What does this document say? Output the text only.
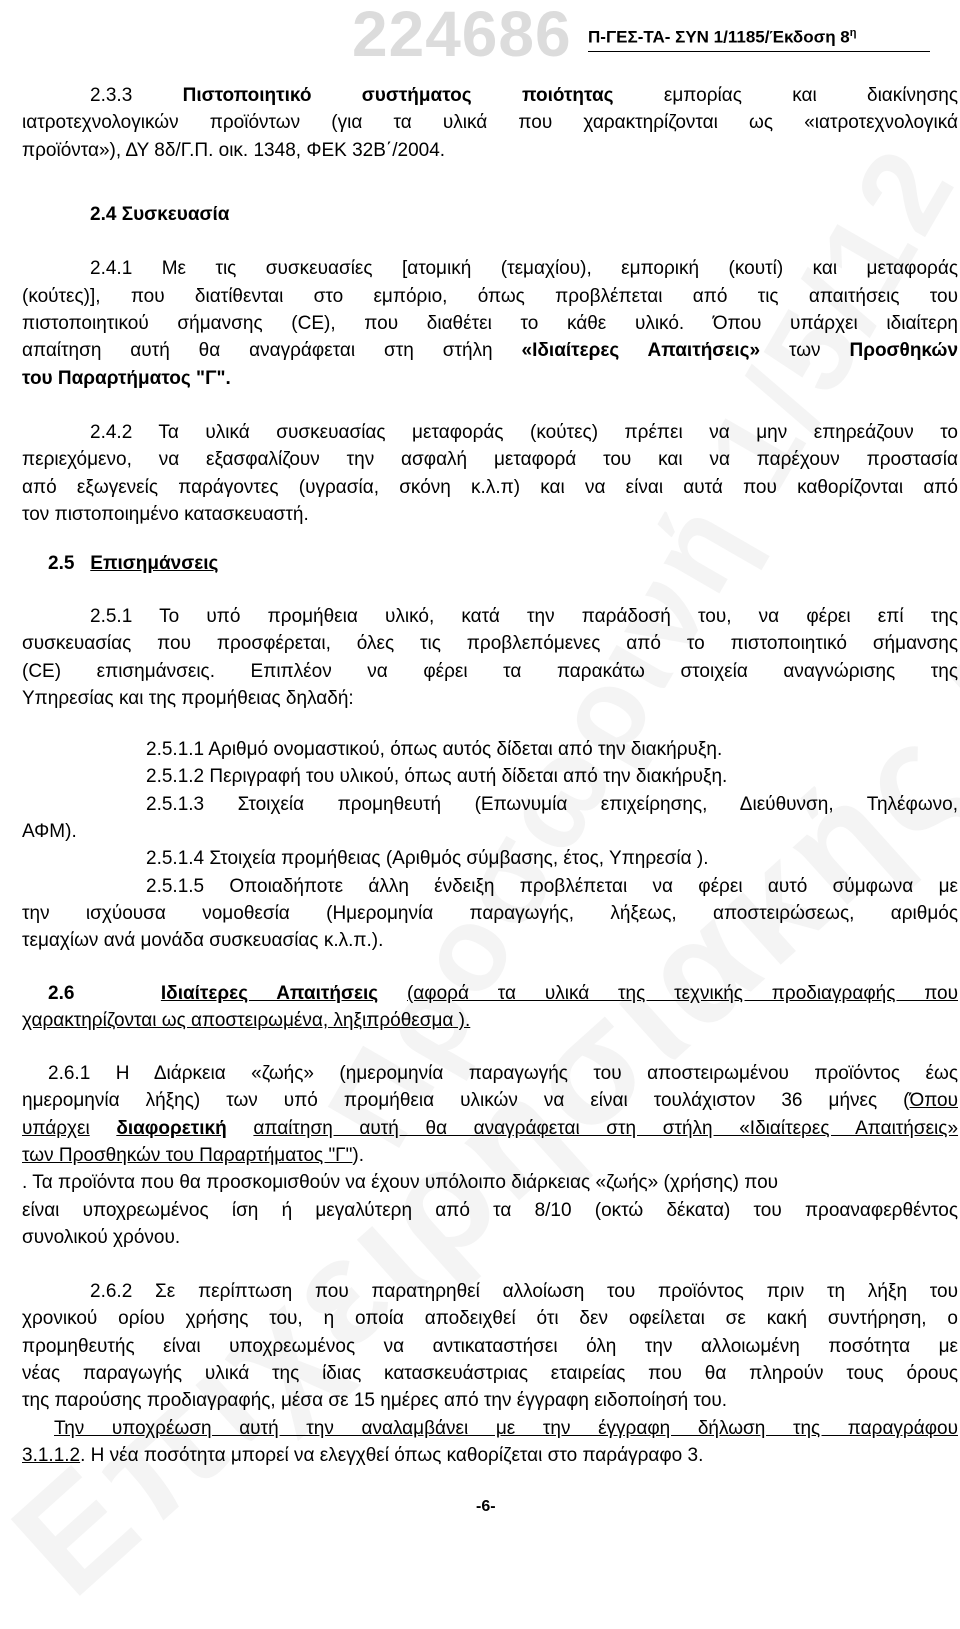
224686 Π-ΓΕΣ-ΤΑ- ΣΥΝ 1/1185/Έκδοση $8^\eta$
2.3.3	Πιστοποιητικό συστήματος ποιότητας	εμπορίας και διακίνησης
ιατροτεχνολογικών προϊόντων (για τα υλικά που χαρακτηρίζονται ως «ιατροτεχνολογικά
προϊόντα»), ΔΥ 8δ/Γ.Π. οικ. 1348, ΦΕΚ 32Β΄/2004.
2.4 Συσκευασία
2.4.1 Με τις συσκευασίες [ατομική (τεμαχίου), εμπορική (κουτί) και μεταφοράς
(κούτες)], που διατίθενται στο εμπόριο, όπως προβλέπεται από τις απαιτήσεις του
πιστοποιητικού σήμανσης (CE), που διαθέτει το κάθε υλικό. Όπου υπάρχει ιδιαίτερη
απαίτηση αυτή θα αναγράφεται στη στήλη «Ιδιαίτερες Απαιτήσεις» των Προσθηκών
του Παραρτήματος "Γ".
2.4.2 Τα υλικά συσκευασίας μεταφοράς (κούτες) πρέπει να μην επηρεάζουν το
περιεχόμενο, να εξασφαλίζουν την ασφαλή μεταφορά του και να παρέχουν προστασία
από εξωγενείς παράγοντες (υγρασία, σκόνη κ.λ.π) και να είναι αυτά που καθορίζονται από
τον πιστοποιημένο κατασκευαστή.
2.5 Επισημάνσεις
2.5.1 Το υπό προμήθεια υλικό, κατά την παράδοσή του, να φέρει επί της
συσκευασίας που προσφέρεται, όλες τις προβλεπόμενες από το πιστοποιητικό σήμανσης
(CE) επισημάνσεις. Επιπλέον να φέρει τα παρακάτω στοιχεία αναγνώρισης της
Υπηρεσίας και της προμήθειας δηλαδή:
2.5.1.1 Αριθμό ονομαστικού, όπως αυτός δίδεται από την διακήρυξη.
2.5.1.2 Περιγραφή του υλικού, όπως αυτή δίδεται από την διακήρυξη.
2.5.1.3 Στοιχεία προμηθευτή (Επωνυμία επιχείρησης, Διεύθυνση, Τηλέφωνο,
ΑΦΜ).
2.5.1.4 Στοιχεία προμήθειας (Αριθμός σύμβασης, έτος, Υπηρεσία ).
2.5.1.5 Οποιαδήποτε άλλη ένδειξη προβλέπεται να φέρει αυτό σύμφωνα με
την ισχύουσα νομοθεσία (Ημερομηνία παραγωγής, λήξεως, αποστειρώσεως, αριθμός
τεμαχίων ανά μονάδα συσκευασίας κ.λ.π.).
2.6	Ιδιαίτερες Απαιτήσεις (αφορά τα υλικά της τεχνικής προδιαγραφής που
χαρακτηρίζονται ως αποστειρωμένα, ληξιπρόθεσμα ).
2.6.1 Η Διάρκεια «ζωής» (ημερομηνία παραγωγής του αποστειρωμένου προϊόντος έως
ημερομηνία λήξης) των υπό προμήθεια υλικών να είναι τουλάχιστον 36 μήνες (Όπου
υπάρχει διαφορετική απαίτηση αυτή θα αναγράφεται στη στήλη «Ιδιαίτερες Απαιτήσεις»
των Προσθηκών του Παραρτήματος "Γ").
. Τα προϊόντα που θα προσκομισθούν να έχουν υπόλοιπο διάρκειας «ζωής» (χρήσης) που
είναι υποχρεωμένος ίση ή μεγαλύτερη από τα 8/10 (οκτώ δέκατα) του προαναφερθέντος
συνολικού χρόνου.
2.6.2 Σε περίπτωση που παρατηρηθεί αλλοίωση του προϊόντος πριν τη λήξη του
χρονικού ορίου χρήσης του, η οποία αποδειχθεί ότι δεν οφείλεται σε κακή συντήρηση, ο
προμηθευτής είναι υποχρεωμένος να αντικαταστήσει όλη την αλλοιωμένη ποσότητα με
νέας παραγωγής υλικά της ίδιας κατασκευάστριας εταιρείας που θα πληρούν τους όρους
της παρούσης προδιαγραφής, μέσα σε 15 ημέρες από την έγγραφη ειδοποίησή του.
Την υποχρέωση αυτή την αναλαμβάνει με την έγγραφη δήλωση της παραγράφου
3.1.1.2. Η νέα ποσότητα μπορεί να ελεγχθεί όπως καθορίζεται στο παράγραφο 3.
-6-
